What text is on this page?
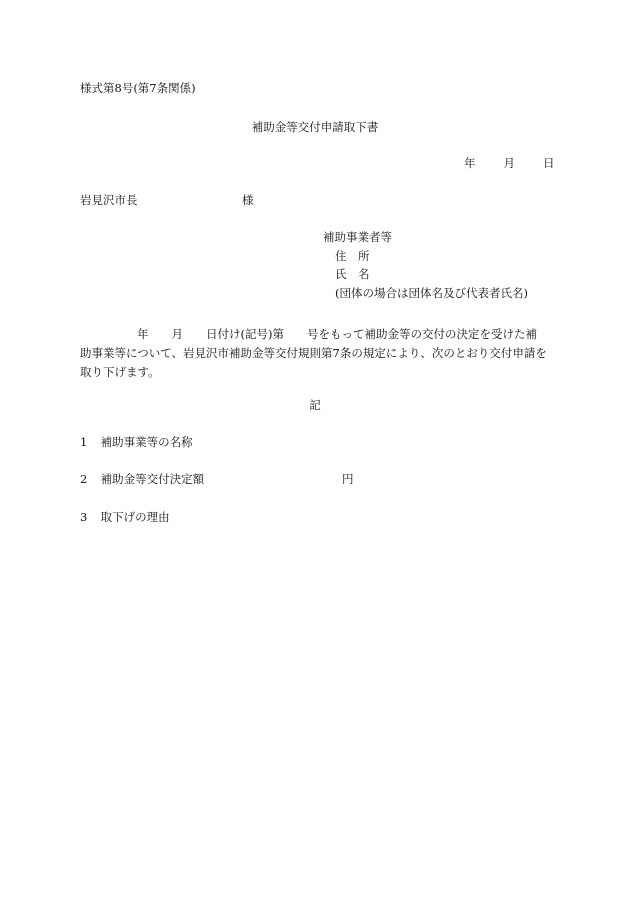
様式第8号(第7条関係)
補助金等交付申請取下書
年 月 日
岩見沢市長	様
補助事業者等
住　所
氏　名
(団体の場合は団体名及び代表者氏名)
年　　月　　日付け(記号)第　　号をもって補助金等の交付の決定を受けた補
助事業等について、岩見沢市補助金等交付規則第7条の規定により、次のとおり交付申請を
取り下げます。
記
1 補助事業等の名称
2 補助金等交付決定額	円
3 取下げの理由
